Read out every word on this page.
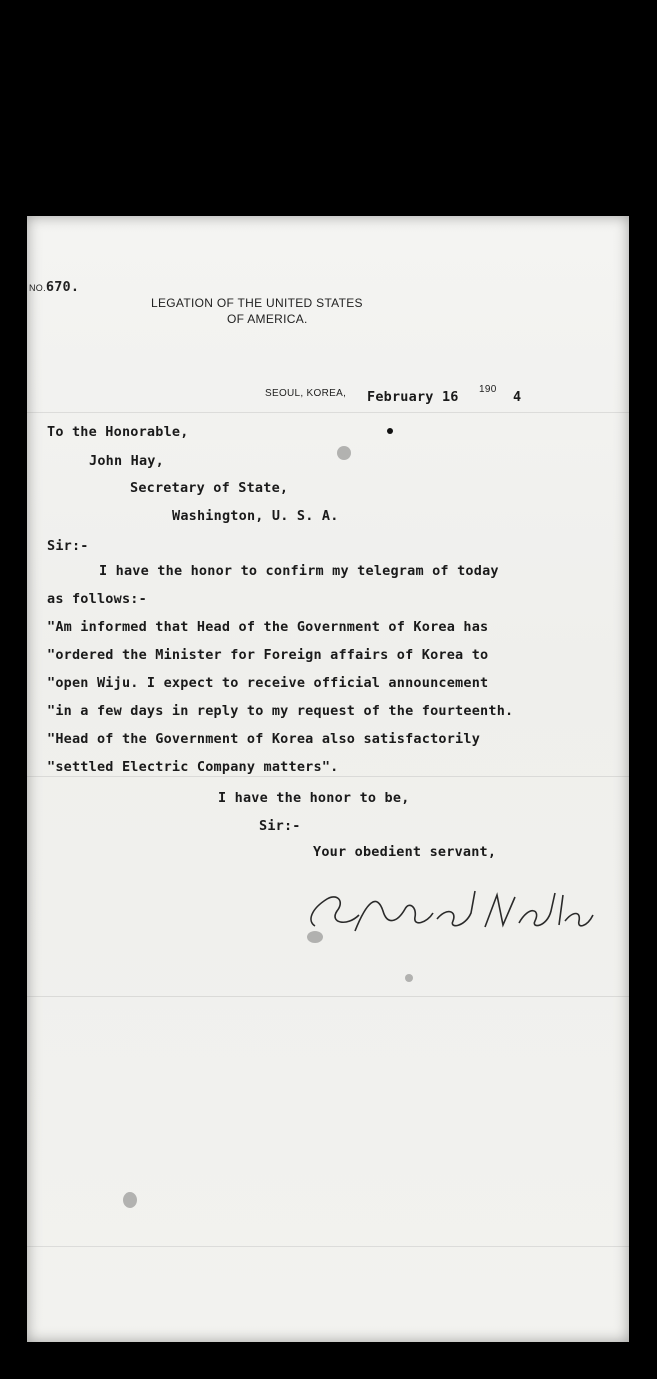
NO.670.
LEGATION OF THE UNITED STATES
OF AMERICA.
SEOUL, KOREA, February 16 190 4
To the Honorable,
John Hay,
Secretary of State,
Washington, U. S. A.
Sir:-
I have the honor to confirm my telegram of today
as follows:-
"Am informed that Head of the Government of Korea has
"ordered the Minister for Foreign affairs of Korea to
"open Wiju. I expect to receive official announcement
"in a few days in reply to my request of the fourteenth.
"Head of the Government of Korea also satisfactorily
"settled Electric Company matters".
I have the honor to be,
Sir:-
Your obedient servant,
